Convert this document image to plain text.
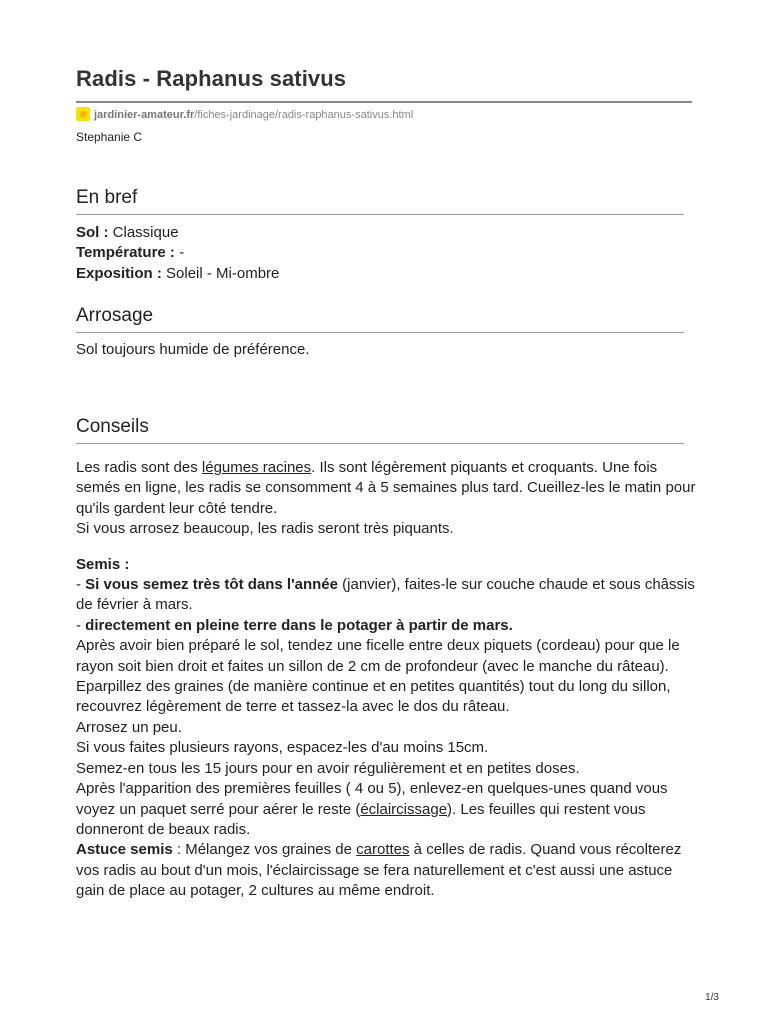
Radis - Raphanus sativus
jardinier-amateur.fr/fiches-jardinage/radis-raphanus-sativus.html
Stephanie C
En bref
Sol : Classique
Température : -
Exposition : Soleil - Mi-ombre
Arrosage
Sol toujours humide de préférence.
Conseils

Les radis sont des légumes racines. Ils sont légèrement piquants et croquants. Une fois semés en ligne, les radis se consomment 4 à 5 semaines plus tard. Cueillez-les le matin pour qu'ils gardent leur côté tendre.
Si vous arrosez beaucoup, les radis seront très piquants.

Semis :
- Si vous semez très tôt dans l'année (janvier), faites-le sur couche chaude et sous châssis de février à mars.
- directement en pleine terre dans le potager à partir de mars.
Après avoir bien préparé le sol, tendez une ficelle entre deux piquets (cordeau) pour que le rayon soit bien droit et faites un sillon de 2 cm de profondeur (avec le manche du râteau).
Eparpillez des graines (de manière continue et en petites quantités) tout du long du sillon, recouvrez légèrement de terre et tassez-la avec le dos du râteau.
Arrosez un peu.
Si vous faites plusieurs rayons, espacez-les d'au moins 15cm.
Semez-en tous les 15 jours pour en avoir régulièrement et en petites doses.
Après l'apparition des premières feuilles ( 4 ou 5), enlevez-en quelques-unes quand vous voyez un paquet serré pour aérer le reste (éclaircissage). Les feuilles qui restent vous donneront de beaux radis.
Astuce semis : Mélangez vos graines de carottes à celles de radis. Quand vous récolterez vos radis au bout d'un mois, l'éclaircissage se fera naturellement et c'est aussi une astuce gain de place au potager, 2 cultures au même endroit.

1/3
